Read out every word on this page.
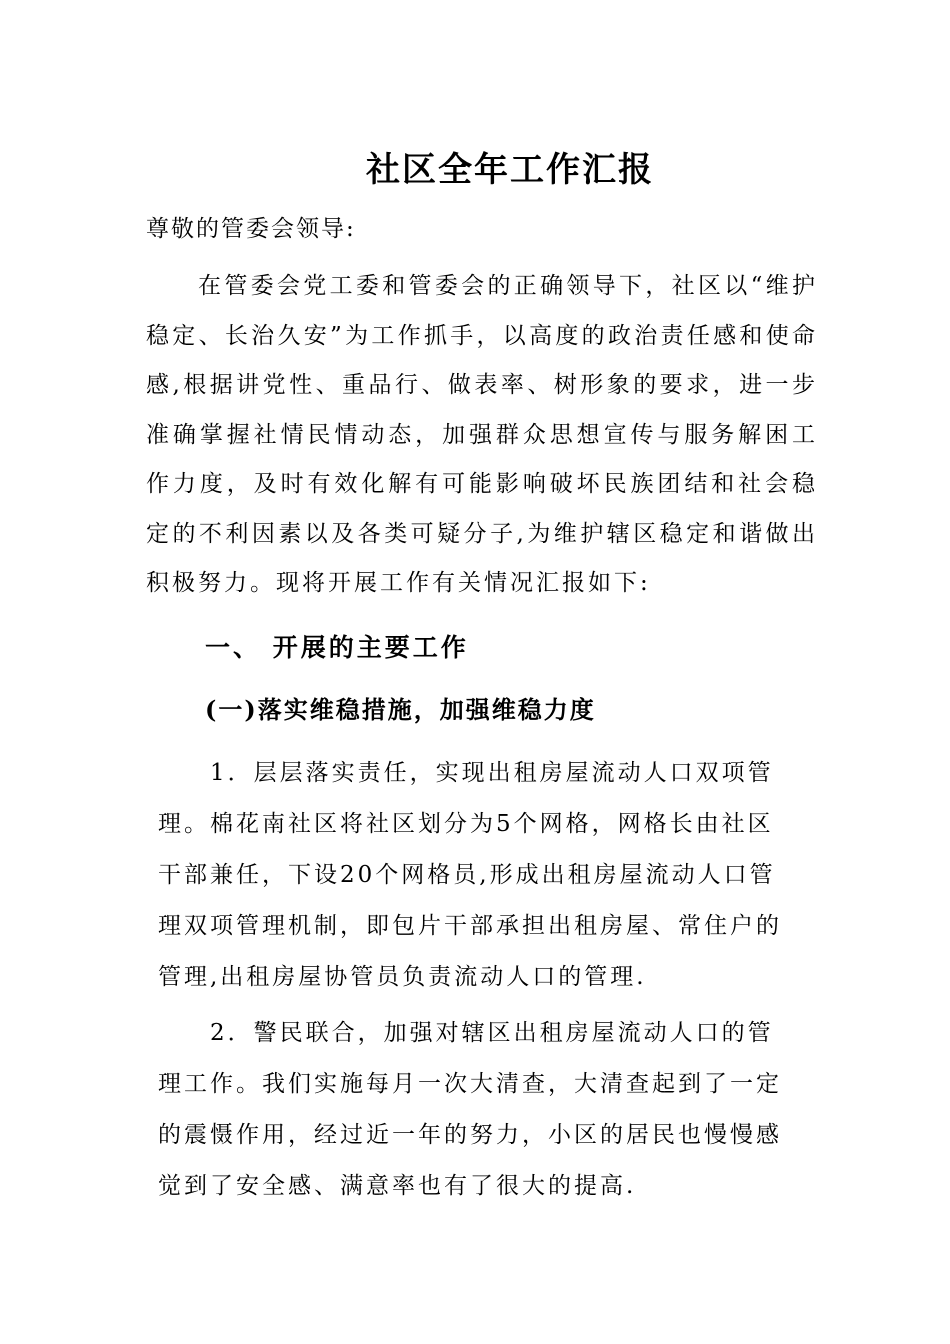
社区全年工作汇报
尊敬的管委会领导:
在管委会党工委和管委会的正确领导下，社区以“维护稳定、长治久安”为工作抓手，以高度的政治责任感和使命感,根据讲党性、重品行、做表率、树形象的要求，进一步准确掌握社情民情动态，加强群众思想宣传与服务解困工作力度，及时有效化解有可能影响破坏民族团结和社会稳定的不利因素以及各类可疑分子,为维护辖区稳定和谐做出积极努力。现将开展工作有关情况汇报如下:
一、 开展的主要工作
(一)落实维稳措施，加强维稳力度
1．层层落实责任，实现出租房屋流动人口双项管理。棉花南社区将社区划分为5个网格，网格长由社区干部兼任，下设20个网格员,形成出租房屋流动人口管理双项管理机制，即包片干部承担出租房屋、常住户的管理,出租房屋协管员负责流动人口的管理.
2．警民联合，加强对辖区出租房屋流动人口的管理工作。我们实施每月一次大清查，大清查起到了一定的震慑作用，经过近一年的努力，小区的居民也慢慢感觉到了安全感、满意率也有了很大的提高.
